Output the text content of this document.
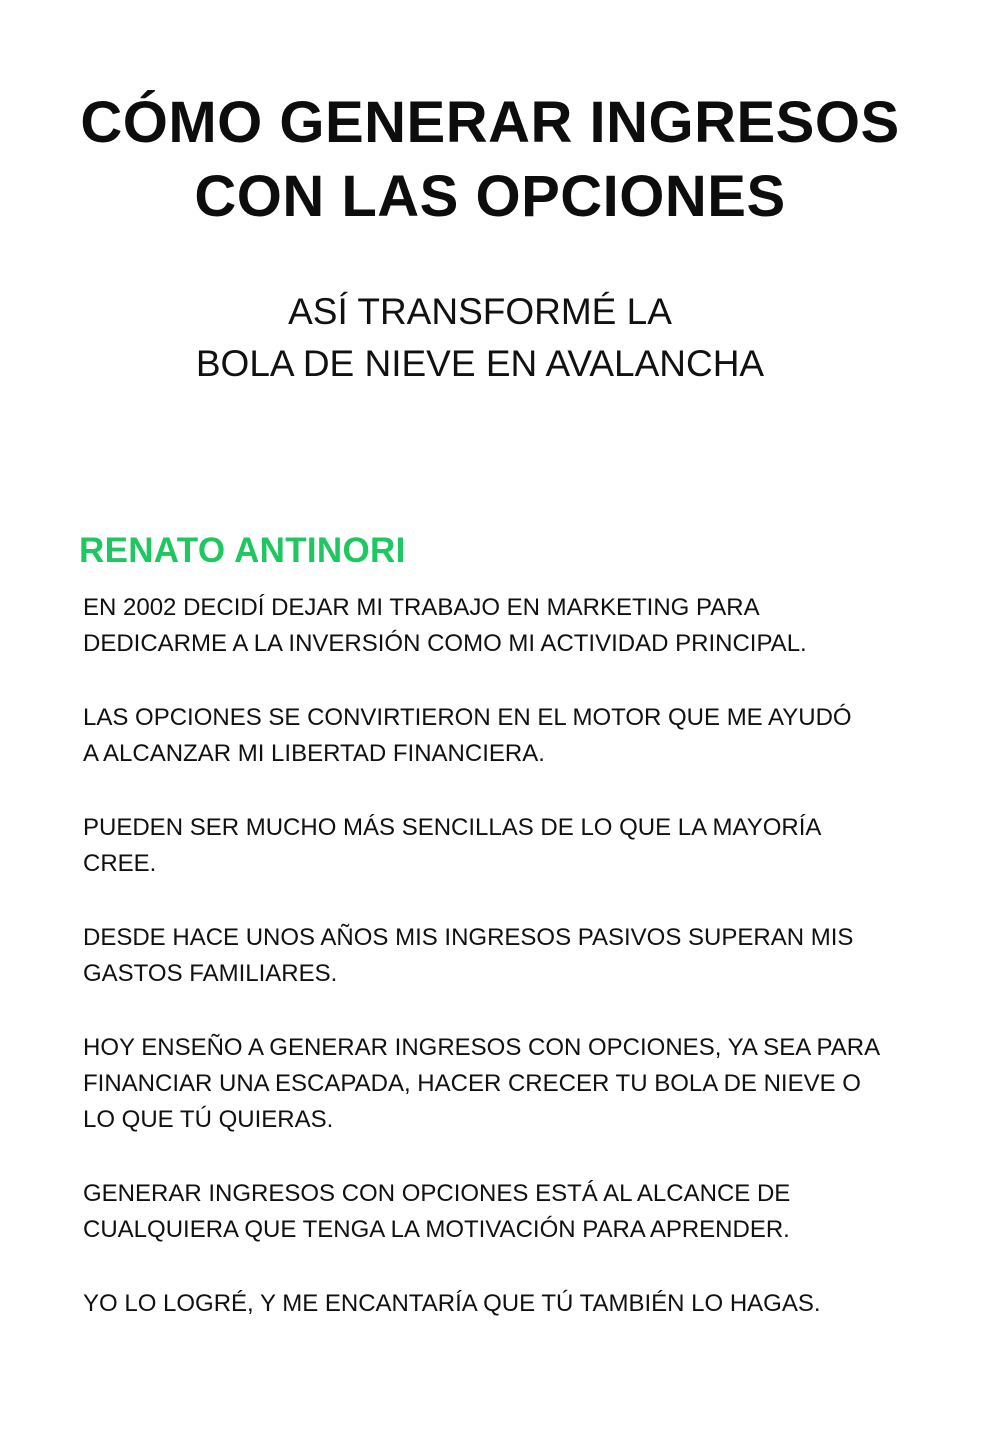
CÓMO GENERAR INGRESOS
CON LAS OPCIONES
ASÍ TRANSFORMÉ LA
BOLA DE NIEVE EN AVALANCHA
RENATO ANTINORI

EN 2002 DECIDÍ DEJAR MI TRABAJO EN MARKETING PARA
DEDICARME A LA INVERSIÓN COMO MI ACTIVIDAD PRINCIPAL.

LAS OPCIONES SE CONVIRTIERON EN EL MOTOR QUE ME AYUDÓ
A ALCANZAR MI LIBERTAD FINANCIERA.

PUEDEN SER MUCHO MÁS SENCILLAS DE LO QUE LA MAYORÍA
CREE.

DESDE HACE UNOS AÑOS MIS INGRESOS PASIVOS SUPERAN MIS
GASTOS FAMILIARES.

HOY ENSEÑO A GENERAR INGRESOS CON OPCIONES, YA SEA PARA
FINANCIAR UNA ESCAPADA, HACER CRECER TU BOLA DE NIEVE O
LO QUE TÚ QUIERAS.

GENERAR INGRESOS CON OPCIONES ESTÁ AL ALCANCE DE
CUALQUIERA QUE TENGA LA MOTIVACIÓN PARA APRENDER.

YO LO LOGRÉ, Y ME ENCANTARÍA QUE TÚ TAMBIÉN LO HAGAS.
